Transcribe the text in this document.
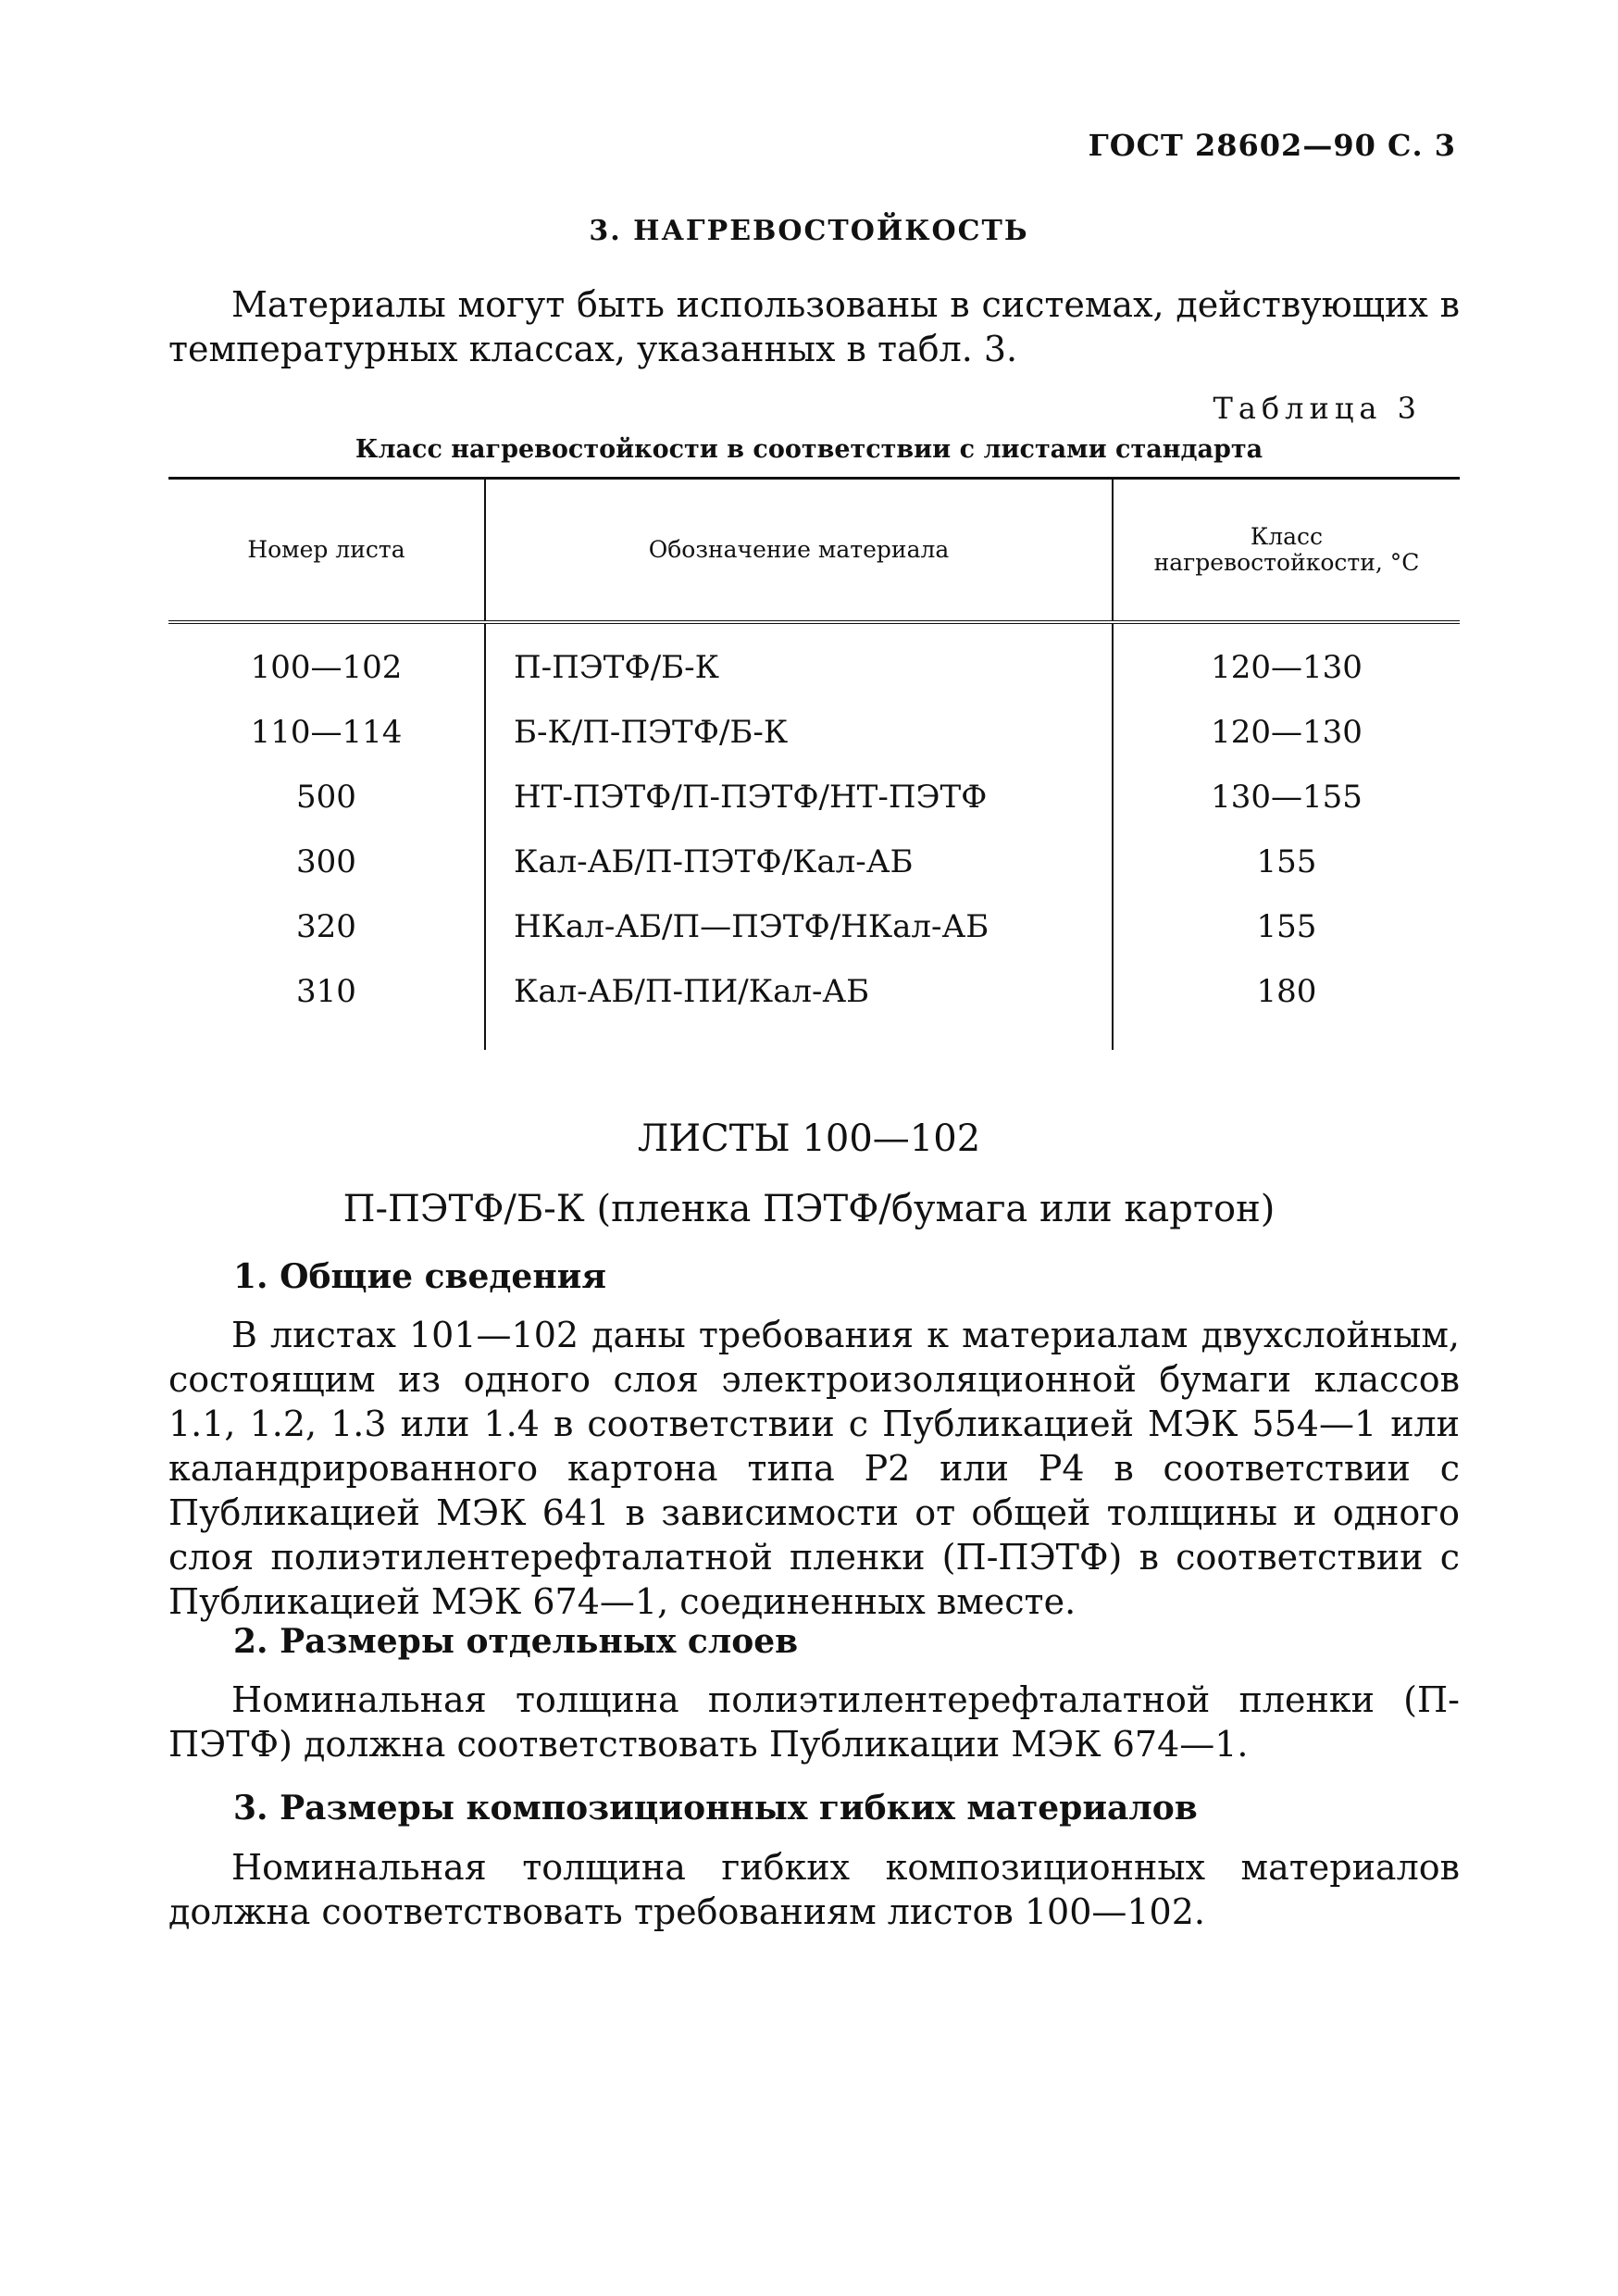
ГОСТ 28602—90 С. 3
3. НАГРЕВОСТОЙКОСТЬ

Материалы могут быть использованы в системах, действующих в температурных классах, указанных в табл. 3.

Таблица 3
Класс нагревостойкости в соответствии с листами стандарта
Номер листа	Обозначение материала	Класс нагревостойкости, °С
100—102	П-ПЭТФ/Б-К	120—130
110—114	Б-К/П-ПЭТФ/Б-К	120—130
500	НТ-ПЭТФ/П-ПЭТФ/НТ-ПЭТФ	130—155
300	Кал-АБ/П-ПЭТФ/Кал-АБ	155
320	НКал-АБ/П—ПЭТФ/НКал-АБ	155
310	Кал-АБ/П-ПИ/Кал-АБ	180
ЛИСТЫ 100—102
П-ПЭТФ/Б-К (пленка ПЭТФ/бумага или картон)
1. Общие сведения

В листах 101—102 даны требования к материалам двухслойным, состоящим из одного слоя электроизоляционной бумаги классов 1.1, 1.2, 1.3 или 1.4 в соответствии с Публикацией МЭК 554—1 или каландрированного картона типа Р2 или Р4 в соответствии с Публикацией МЭК 641 в зависимости от общей толщины и одного слоя полиэтилентерефталатной пленки (П-ПЭТФ) в соответствии с Публикацией МЭК 674—1, соединенных вместе.

2. Размеры отдельных слоев

Номинальная толщина полиэтилентерефталатной пленки (П-ПЭТФ) должна соответствовать Публикации МЭК 674—1.

3. Размеры композиционных гибких материалов

Номинальная толщина гибких композиционных материалов должна соответствовать требованиям листов 100—102.
